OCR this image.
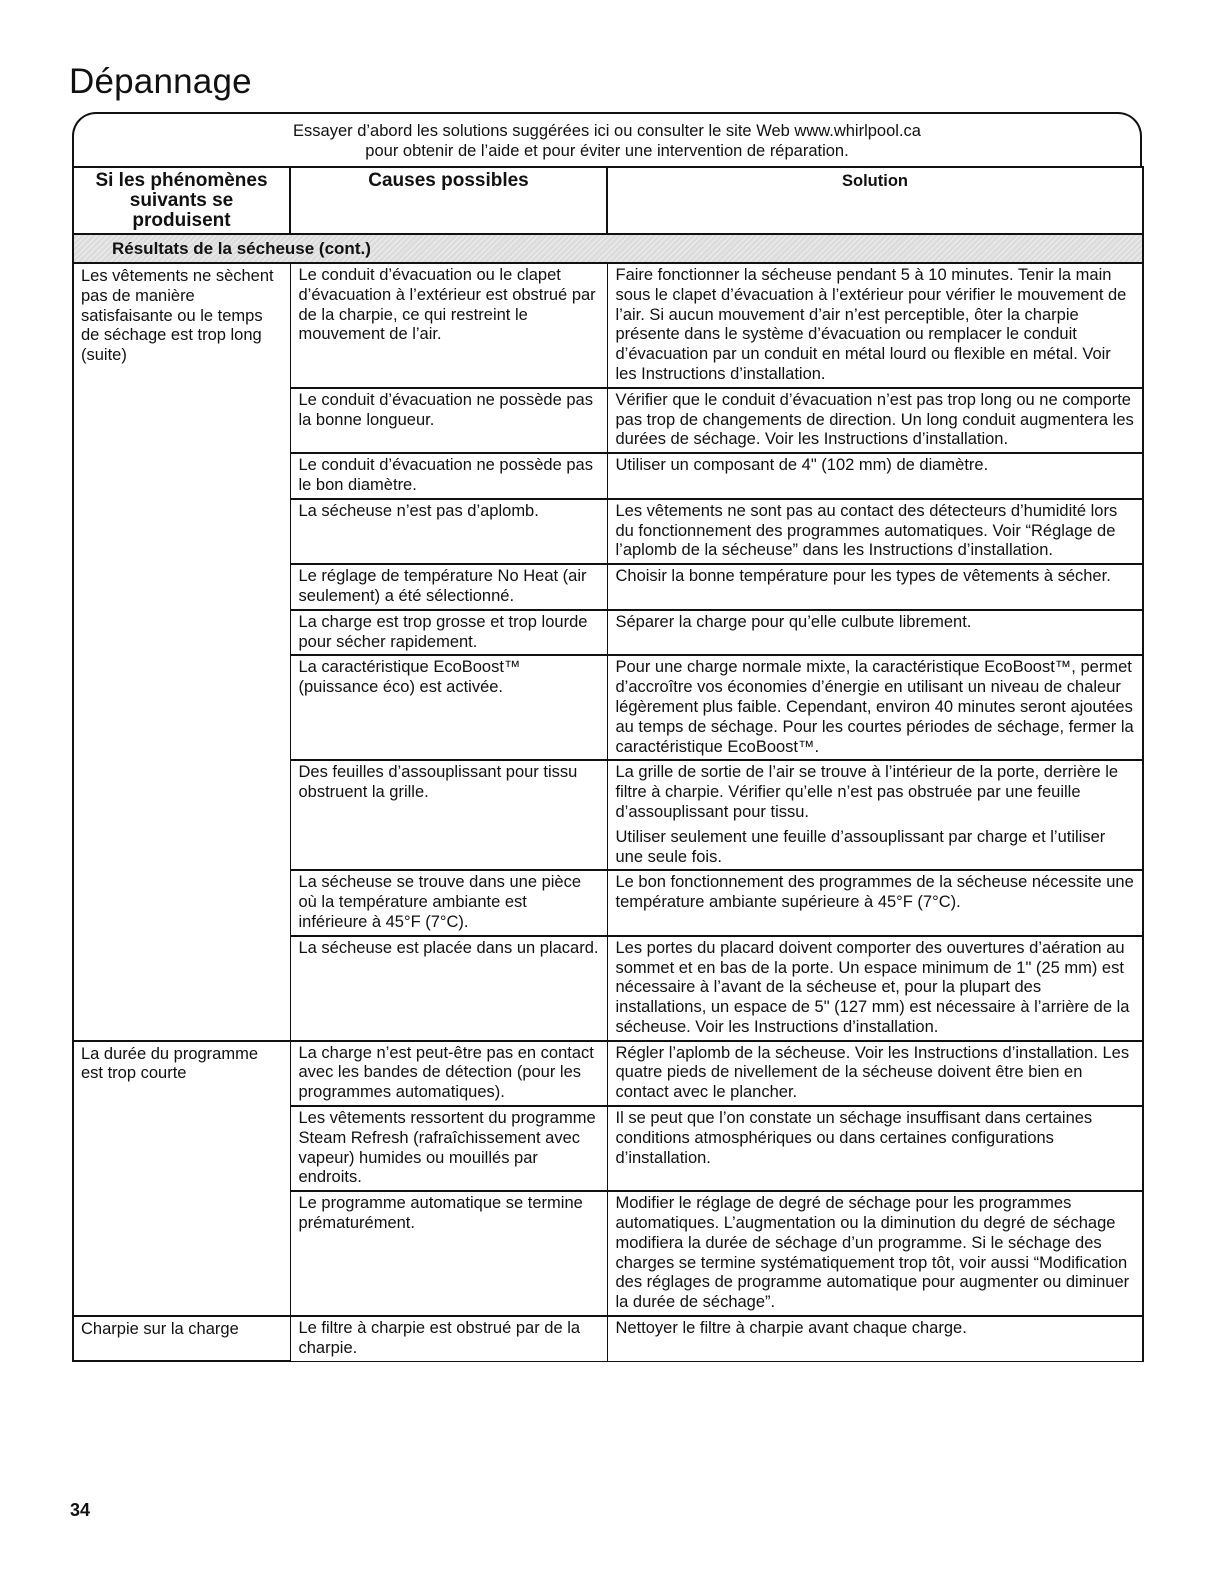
Dépannage
Essayer d’abord les solutions suggérées ici ou consulter le site Web www.whirlpool.ca
pour obtenir de l’aide et pour éviter une intervention de réparation.
Si les phénomènes suivants se produisent	Causes possibles	Solution
Résultats de la sécheuse (cont.)		
Les vêtements ne sèchent pas de manière satisfaisante ou le temps de séchage est trop long (suite)	Le conduit d’évacuation ou le clapet d’évacuation à l’extérieur est obstrué par de la charpie, ce qui restreint le mouvement de l’air.	Faire fonctionner la sécheuse pendant 5 à 10 minutes. Tenir la main sous le clapet d’évacuation à l’extérieur pour vérifier le mouvement de l’air. Si aucun mouvement d’air n’est perceptible, ôter la charpie présente dans le système d’évacuation ou remplacer le conduit d’évacuation par un conduit en métal lourd ou flexible en métal. Voir les Instructions d’installation.

	Le conduit d’évacuation ne possède pas la bonne longueur.	Vérifier que le conduit d’évacuation n’est pas trop long ou ne comporte pas trop de changements de direction. Un long conduit augmentera les durées de séchage. Voir les Instructions d’installation.

	Le conduit d’évacuation ne possède pas le bon diamètre.	Utiliser un composant de 4" (102 mm) de diamètre.

	La sécheuse n’est pas d’aplomb.	Les vêtements ne sont pas au contact des détecteurs d’humidité lors du fonctionnement des programmes automatiques. Voir “Réglage de l’aplomb de la sécheuse” dans les Instructions d’installation.

	Le réglage de température No Heat (air seulement) a été sélectionné.	Choisir la bonne température pour les types de vêtements à sécher.

	La charge est trop grosse et trop lourde pour sécher rapidement.	Séparer la charge pour qu’elle culbute librement.

	La caractéristique EcoBoost™ (puissance éco) est activée.	Pour une charge normale mixte, la caractéristique EcoBoost™, permet d’accroître vos économies d’énergie en utilisant un niveau de chaleur légèrement plus faible. Cependant, environ 40 minutes seront ajoutées au temps de séchage. Pour les courtes périodes de séchage, fermer la caractéristique EcoBoost™.

	Des feuilles d’assouplissant pour tissu obstruent la grille.	La grille de sortie de l’air se trouve à l’intérieur de la porte, derrière le filtre à charpie. Vérifier qu’elle n’est pas obstruée par une feuille d’assouplissant pour tissu.

Utiliser seulement une feuille d’assouplissant par charge et l’utiliser une seule fois.

	La sécheuse se trouve dans une pièce où la température ambiante est inférieure à 45°F (7°C).	Le bon fonctionnement des programmes de la sécheuse nécessite une température ambiante supérieure à 45°F (7°C).

	La sécheuse est placée dans un placard.	Les portes du placard doivent comporter des ouvertures d’aération au sommet et en bas de la porte. Un espace minimum de 1" (25 mm) est nécessaire à l’avant de la sécheuse et, pour la plupart des installations, un espace de 5" (127 mm) est nécessaire à l’arrière de la sécheuse. Voir les Instructions d’installation.

La durée du programme est trop courte	La charge n’est peut-être pas en contact avec les bandes de détection (pour les programmes automatiques).	Régler l’aplomb de la sécheuse. Voir les Instructions d’installation. Les quatre pieds de nivellement de la sécheuse doivent être bien en contact avec le plancher.

	Les vêtements ressortent du programme Steam Refresh (rafraîchissement avec vapeur) humides ou mouillés par endroits.	Il se peut que l’on constate un séchage insuffisant dans certaines conditions atmosphériques ou dans certaines configurations d’installation.

	Le programme automatique se termine prématurément.	Modifier le réglage de degré de séchage pour les programmes automatiques. L’augmentation ou la diminution du degré de séchage modifiera la durée de séchage d’un programme. Si le séchage des charges se termine systématiquement trop tôt, voir aussi “Modification des réglages de programme automatique pour augmenter ou diminuer la durée de séchage”.

Charpie sur la charge	Le filtre à charpie est obstrué par de la charpie.	Nettoyer le filtre à charpie avant chaque charge.

34
